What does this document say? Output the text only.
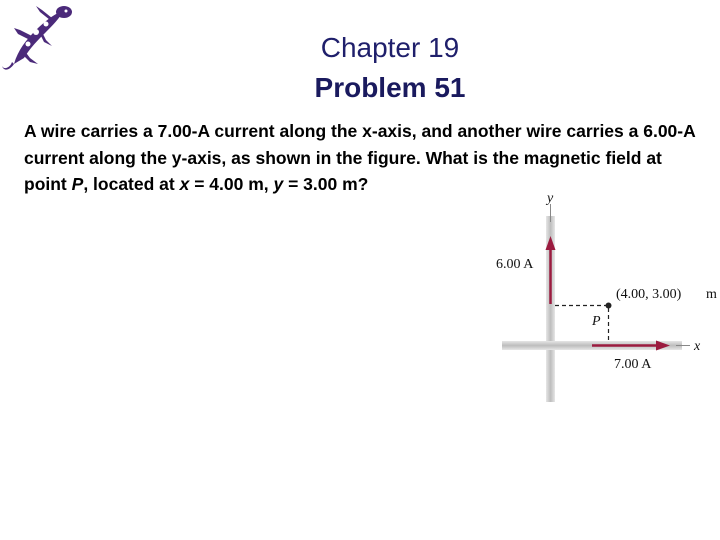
Chapter 19
Problem 51

A wire carries a 7.00-A current along the x-axis, and another wire carries a 6.00-A current along the y-axis, as shown in the figure. What is the magnetic field at point P, located at x = 4.00 m, y = 3.00 m?

y
x
6.00 A
7.00 A
P
(4.00, 3.00) m
